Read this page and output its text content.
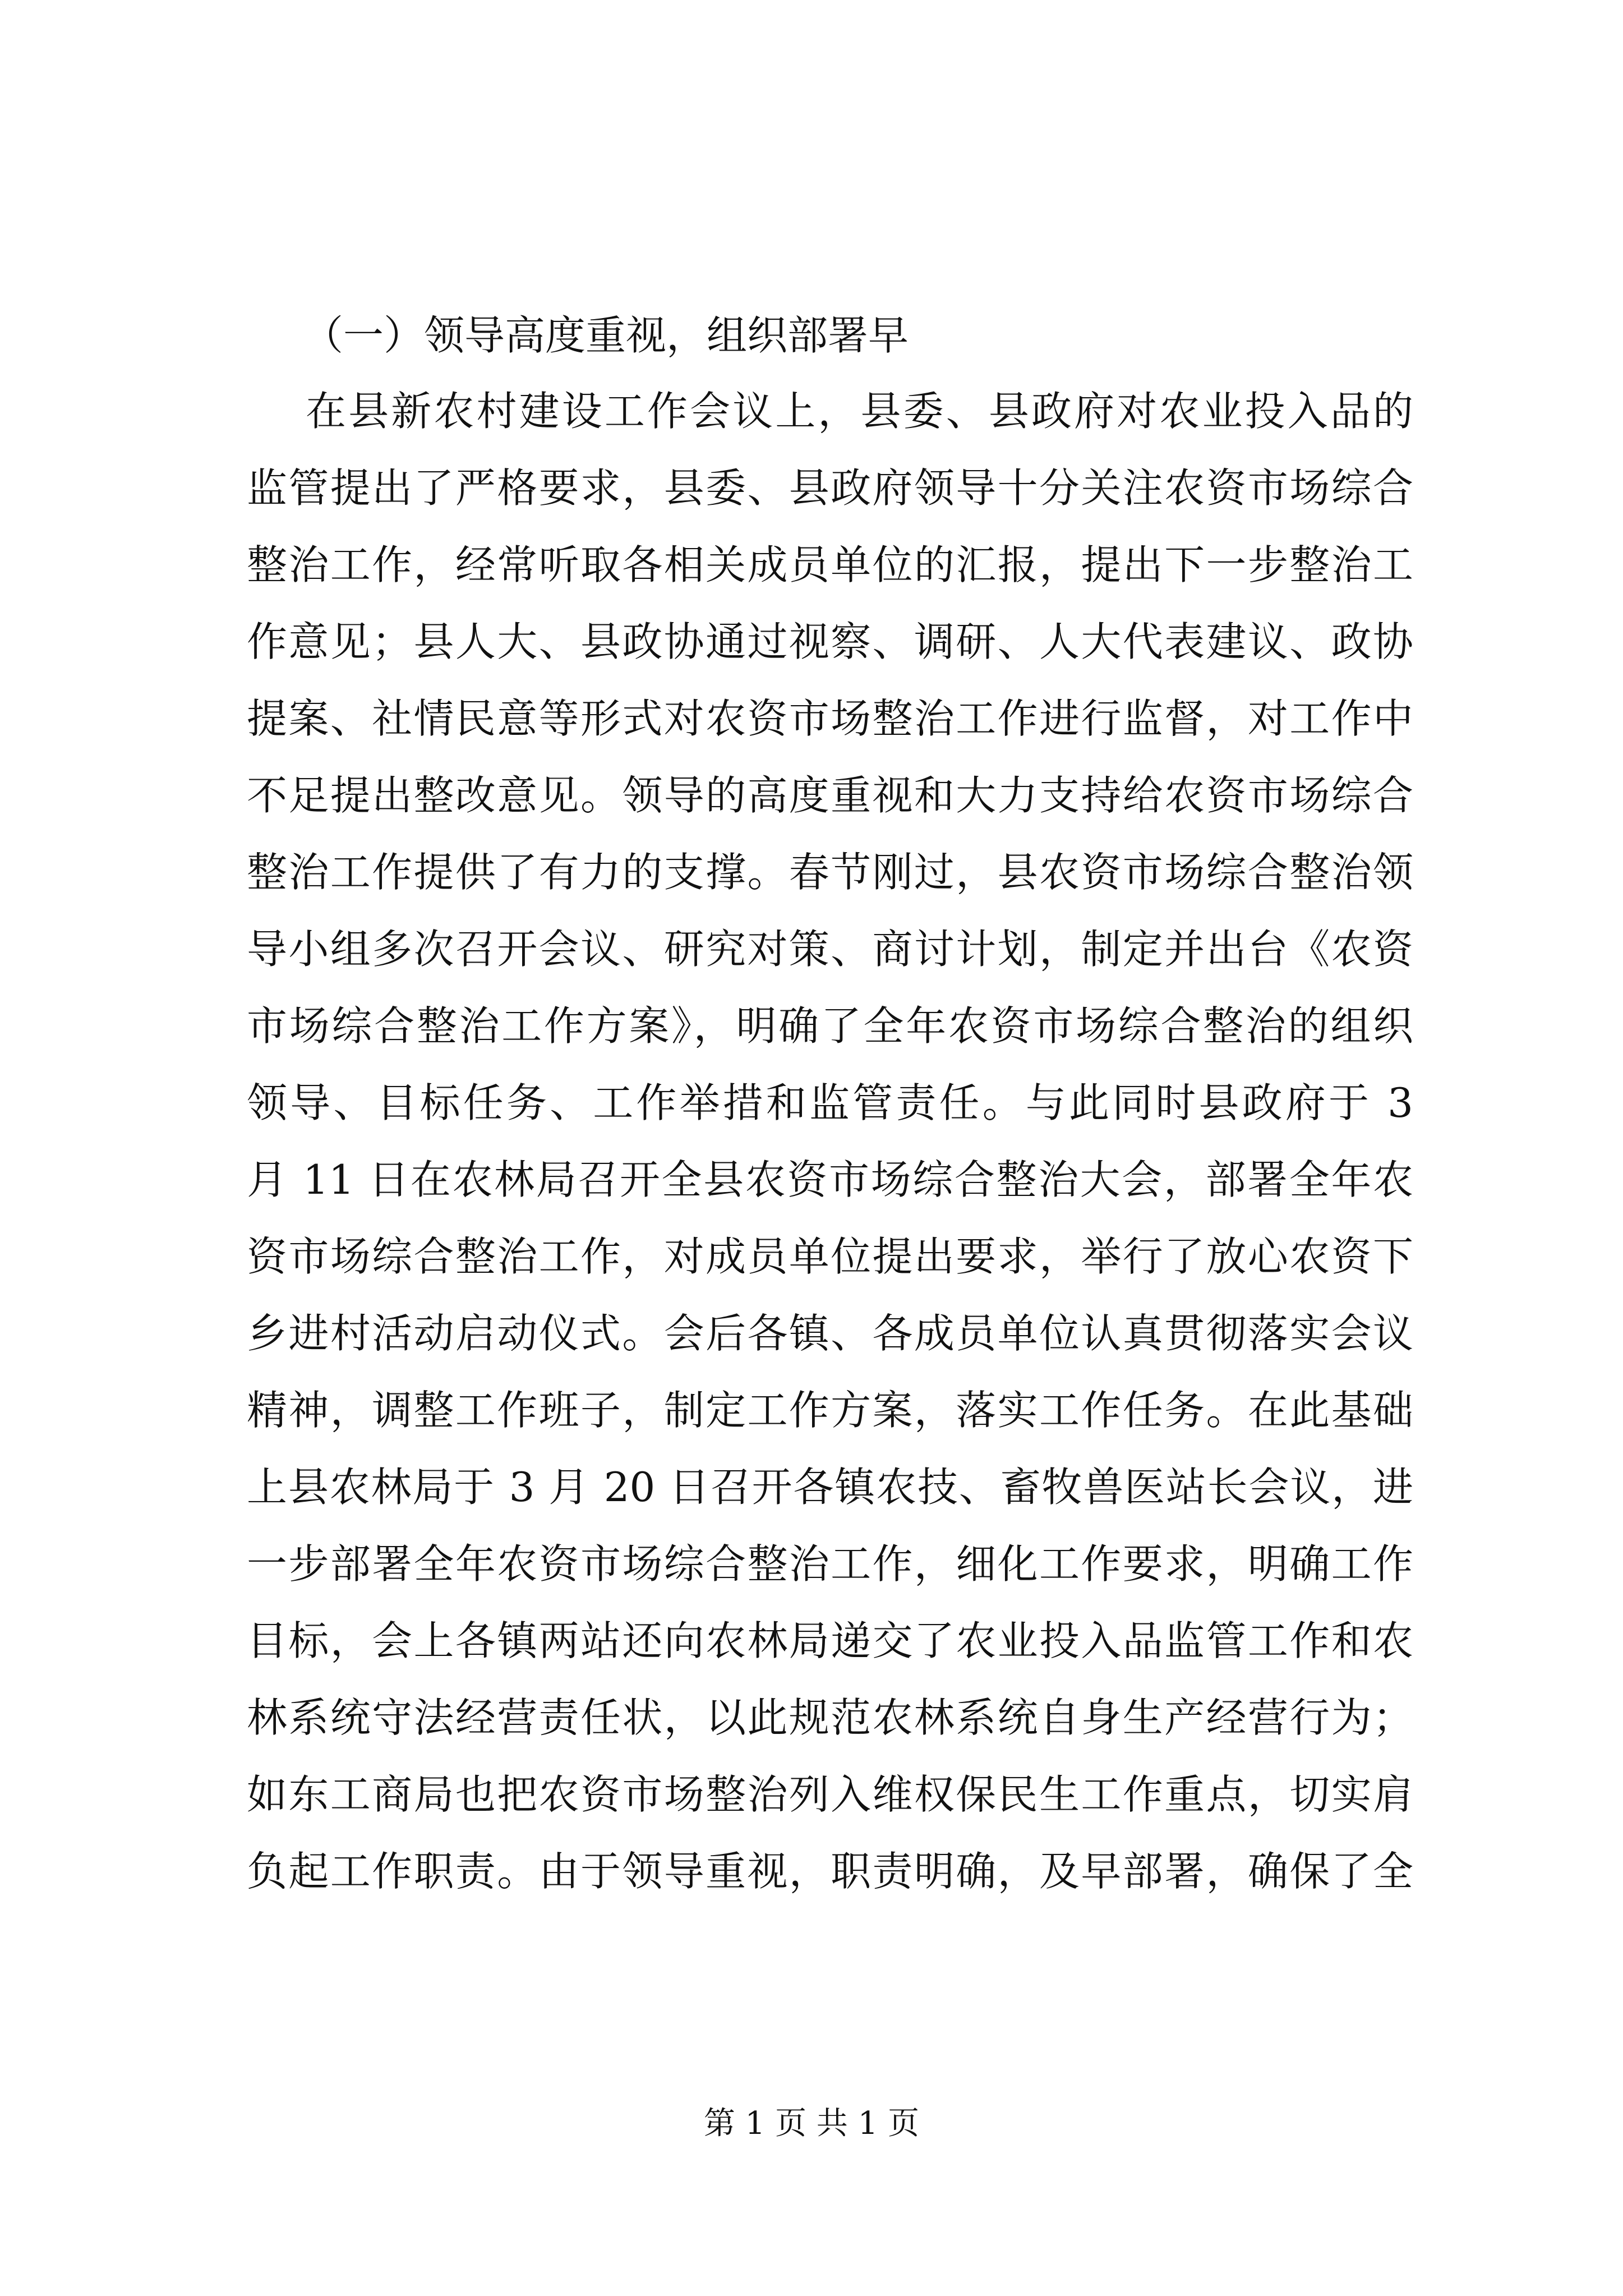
（一）领导高度重视，组织部署早
在县新农村建设工作会议上，县委、县政府对农业投入品的
监管提出了严格要求，县委、县政府领导十分关注农资市场综合
整治工作，经常听取各相关成员单位的汇报，提出下一步整治工
作意见；县人大、县政协通过视察、调研、人大代表建议、政协
提案、社情民意等形式对农资市场整治工作进行监督，对工作中
不足提出整改意见。领导的高度重视和大力支持给农资市场综合
整治工作提供了有力的支撑。春节刚过，县农资市场综合整治领
导小组多次召开会议、研究对策、商讨计划，制定并出台《农资
市场综合整治工作方案》，明确了全年农资市场综合整治的组织
领导、目标任务、工作举措和监管责任。与此同时县政府于 3
月 11 日在农林局召开全县农资市场综合整治大会，部署全年农
资市场综合整治工作，对成员单位提出要求，举行了放心农资下
乡进村活动启动仪式。会后各镇、各成员单位认真贯彻落实会议
精神，调整工作班子，制定工作方案，落实工作任务。在此基础
上县农林局于 3 月 20 日召开各镇农技、畜牧兽医站长会议，进
一步部署全年农资市场综合整治工作，细化工作要求，明确工作
目标，会上各镇两站还向农林局递交了农业投入品监管工作和农
林系统守法经营责任状，以此规范农林系统自身生产经营行为；
如东工商局也把农资市场整治列入维权保民生工作重点，切实肩
负起工作职责。由于领导重视，职责明确，及早部署，确保了全
第 1 页 共 1 页
